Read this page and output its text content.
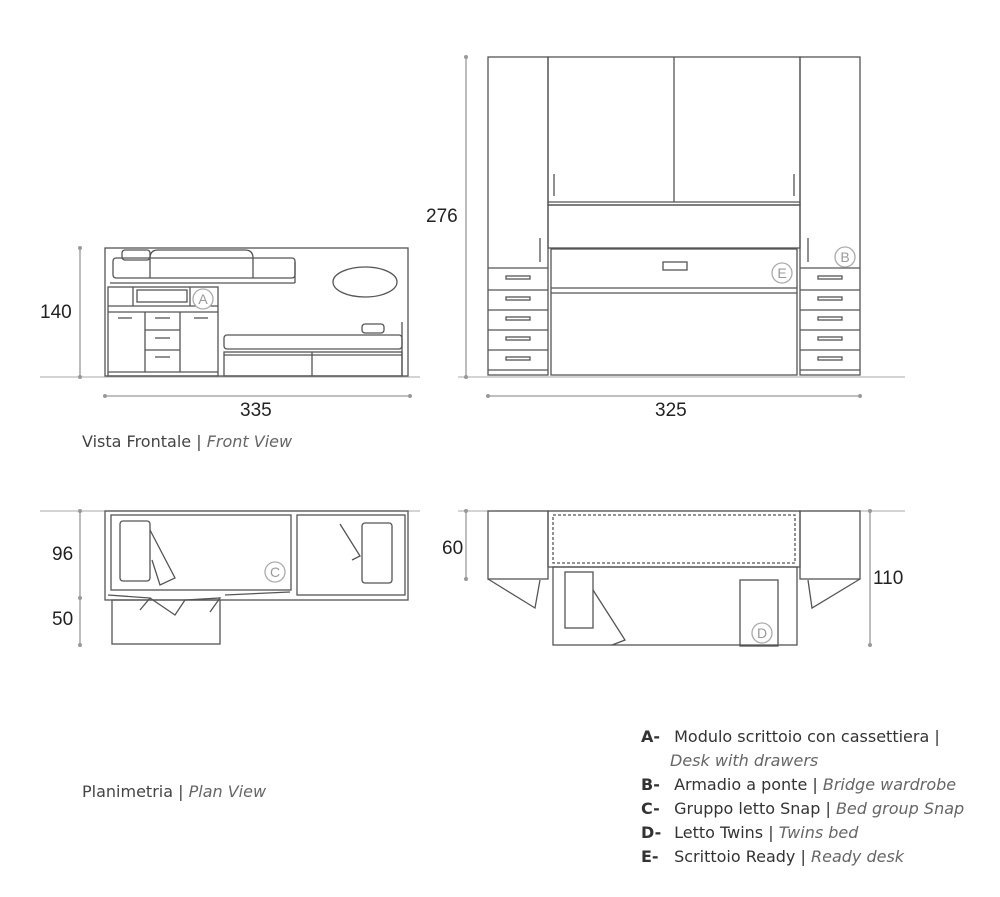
A
B
C
D
E
140
335
276
325
96
50
60
110
Vista Frontale | Front View
Planimetria | Plan View
A- Modulo scrittoio con cassettiera |
Desk with drawers
B- Armadio a ponte | Bridge wardrobe
C- Gruppo letto Snap | Bed group Snap
D- Letto Twins | Twins bed
E- Scrittoio Ready | Ready desk
